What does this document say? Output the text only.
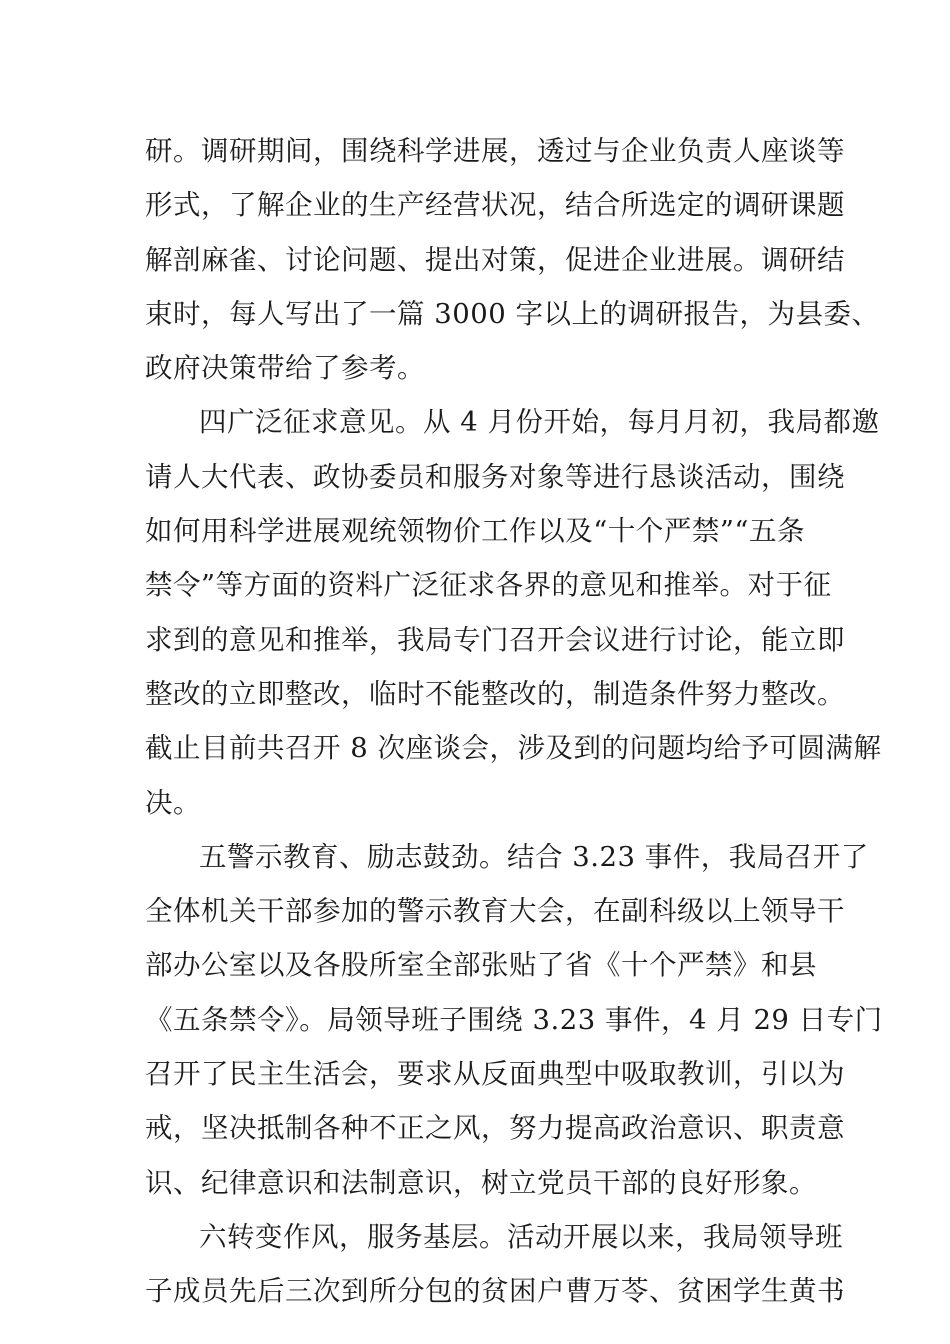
研。调研期间，围绕科学进展，透过与企业负责人座谈等
形式，了解企业的生产经营状况，结合所选定的调研课题
解剖麻雀、讨论问题、提出对策，促进企业进展。调研结
束时，每人写出了一篇 3000 字以上的调研报告，为县委、
政府决策带给了参考。
四广泛征求意见。从 4 月份开始，每月月初，我局都邀
请人大代表、政协委员和服务对象等进行恳谈活动，围绕
如何用科学进展观统领物价工作以及“十个严禁”“五条
禁令”等方面的资料广泛征求各界的意见和推举。对于征
求到的意见和推举，我局专门召开会议进行讨论，能立即
整改的立即整改，临时不能整改的，制造条件努力整改。
截止目前共召开 8 次座谈会，涉及到的问题均给予可圆满解
决。
五警示教育、励志鼓劲。结合 3.23 事件，我局召开了
全体机关干部参加的警示教育大会，在副科级以上领导干
部办公室以及各股所室全部张贴了省《十个严禁》和县
《五条禁令》。局领导班子围绕 3.23 事件，4 月 29 日专门
召开了民主生活会，要求从反面典型中吸取教训，引以为
戒，坚决抵制各种不正之风，努力提高政治意识、职责意
识、纪律意识和法制意识，树立党员干部的良好形象。
六转变作风，服务基层。活动开展以来，我局领导班
子成员先后三次到所分包的贫困户曹万苓、贫困学生黄书
